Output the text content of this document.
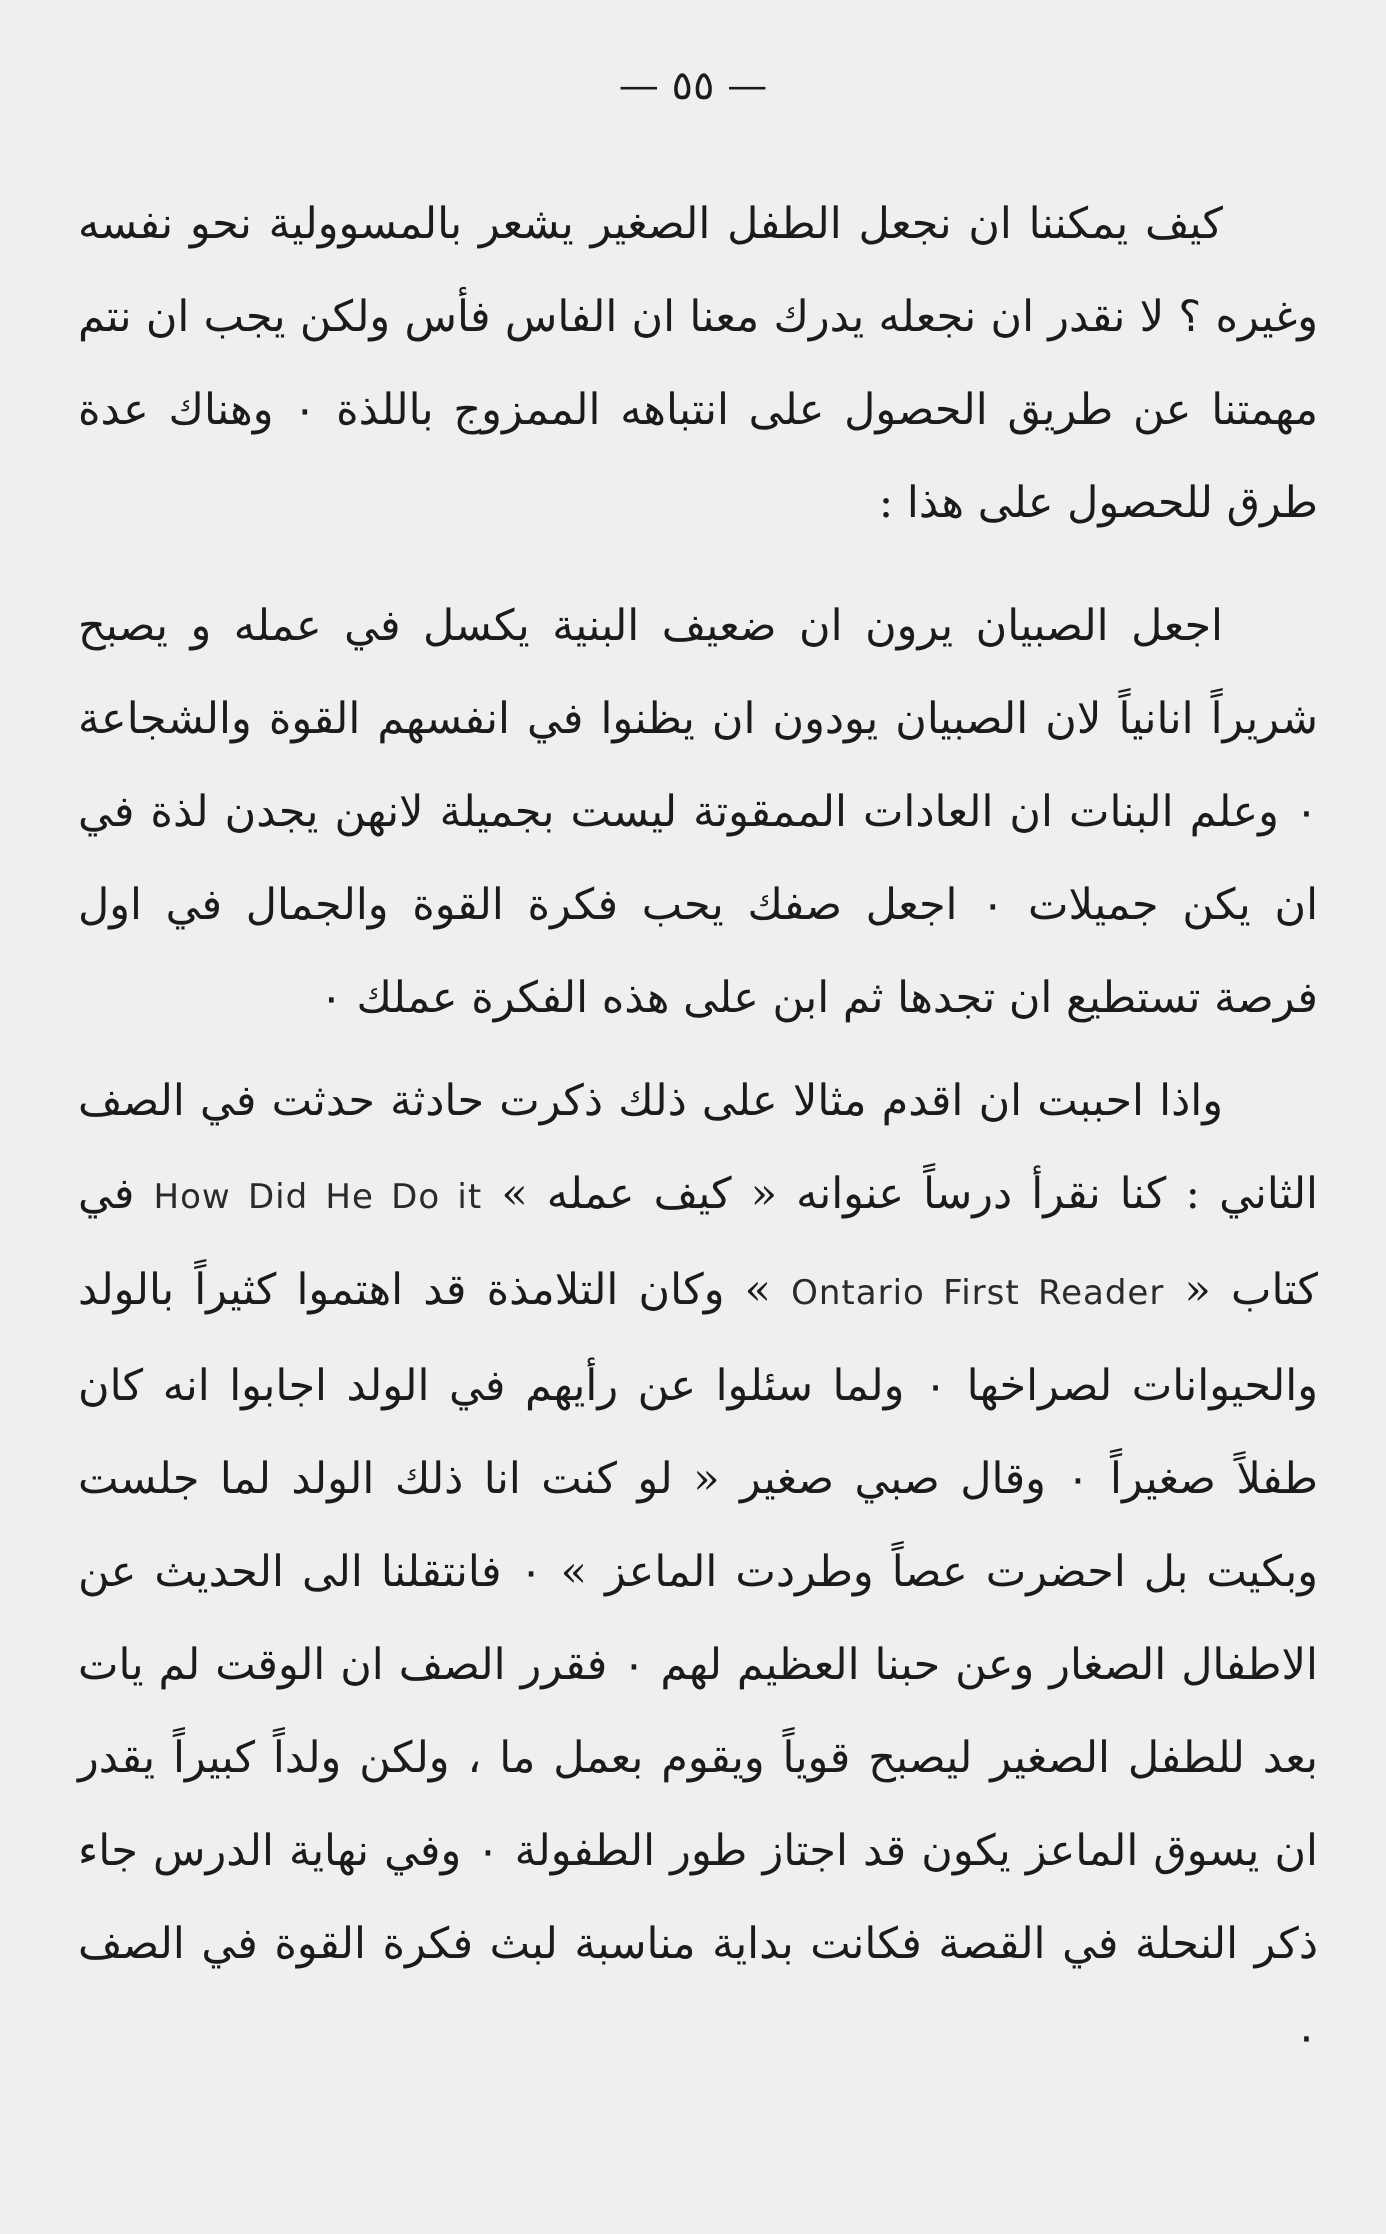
— ٥٥ —

كيف يمكننا ان نجعل الطفل الصغير يشعر بالمسوولية نحو نفسه وغيره ؟ لا نقدر ان نجعله يدرك معنا ان الفاس فأس ولكن يجب ان نتم مهمتنا عن طريق الحصول على انتباهه الممزوج باللذة ٠ وهناك عدة طرق للحصول على هذا :

اجعل الصبيان يرون ان ضعيف البنية يكسل في عمله و يصبح شريراً انانياً لان الصبيان يودون ان يظنوا في انفسهم القوة والشجاعة ٠ وعلم البنات ان العادات الممقوتة ليست بجميلة لانهن يجدن لذة في ان يكن جميلات ٠ اجعل صفك يحب فكرة القوة والجمال في اول فرصة تستطيع ان تجدها ثم ابن على هذه الفكرة عملك ٠

واذا احببت ان اقدم مثالا على ذلك ذكرت حادثة حدثت في الصف الثاني : كنا نقرأ درساً عنوانه « كيف عمله » How Did He Do it في كتاب « Ontario First Reader » وكان التلامذة قد اهتموا كثيراً بالولد والحيوانات لصراخها ٠ ولما سئلوا عن رأيهم في الولد اجابوا انه كان طفلاً صغيراً ٠ وقال صبي صغير « لو كنت انا ذلك الولد لما جلست وبكيت بل احضرت عصاً وطردت الماعز » ٠ فانتقلنا الى الحديث عن الاطفال الصغار وعن حبنا العظيم لهم ٠ فقرر الصف ان الوقت لم يات بعد للطفل الصغير ليصبح قوياً ويقوم بعمل ما ، ولكن ولداً كبيراً يقدر ان يسوق الماعز يكون قد اجتاز طور الطفولة ٠ وفي نهاية الدرس جاء ذكر النحلة في القصة فكانت بداية مناسبة لبث فكرة القوة في الصف ٠
